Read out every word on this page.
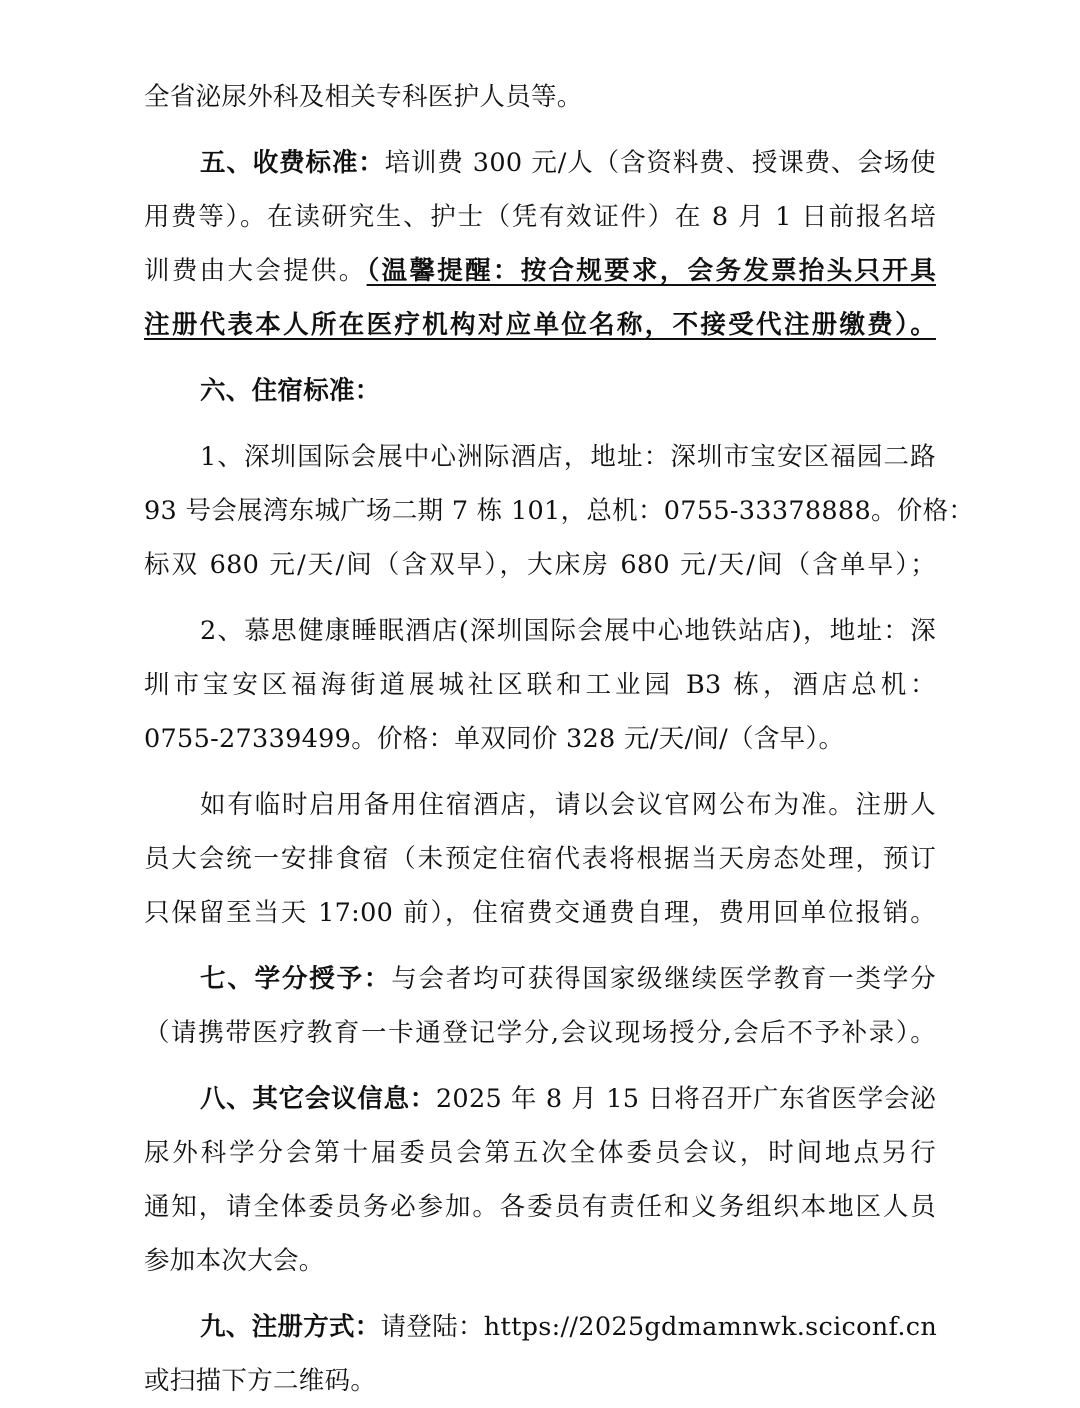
全省泌尿外科及相关专科医护人员等。
五、收费标准：培训费 300 元/人（含资料费、授课费、会场使
用费等）。在读研究生、护士（凭有效证件）在 8 月 1 日前报名培
训费由大会提供。（温馨提醒：按合规要求，会务发票抬头只开具
注册代表本人所在医疗机构对应单位名称，不接受代注册缴费）。
六、住宿标准：
1、深圳国际会展中心洲际酒店，地址：深圳市宝安区福园二路
93 号会展湾东城广场二期 7 栋 101，总机：0755-33378888。价格：
标双 680 元/天/间（含双早），大床房 680 元/天/间（含单早）；
2、慕思健康睡眠酒店(深圳国际会展中心地铁站店)，地址：深
圳市宝安区福海街道展城社区联和工业园 B3 栋，酒店总机：
0755-27339499。价格：单双同价 328 元/天/间/（含早）。
如有临时启用备用住宿酒店，请以会议官网公布为准。注册人
员大会统一安排食宿（未预定住宿代表将根据当天房态处理，预订
只保留至当天 17:00 前），住宿费交通费自理，费用回单位报销。
七、学分授予：与会者均可获得国家级继续医学教育一类学分
（请携带医疗教育一卡通登记学分,会议现场授分,会后不予补录）。
八、其它会议信息：2025 年 8 月 15 日将召开广东省医学会泌
尿外科学分会第十届委员会第五次全体委员会议，时间地点另行
通知，请全体委员务必参加。各委员有责任和义务组织本地区人员
参加本次大会。
九、注册方式：请登陆：https://2025gdmamnwk.sciconf.cn
或扫描下方二维码。
